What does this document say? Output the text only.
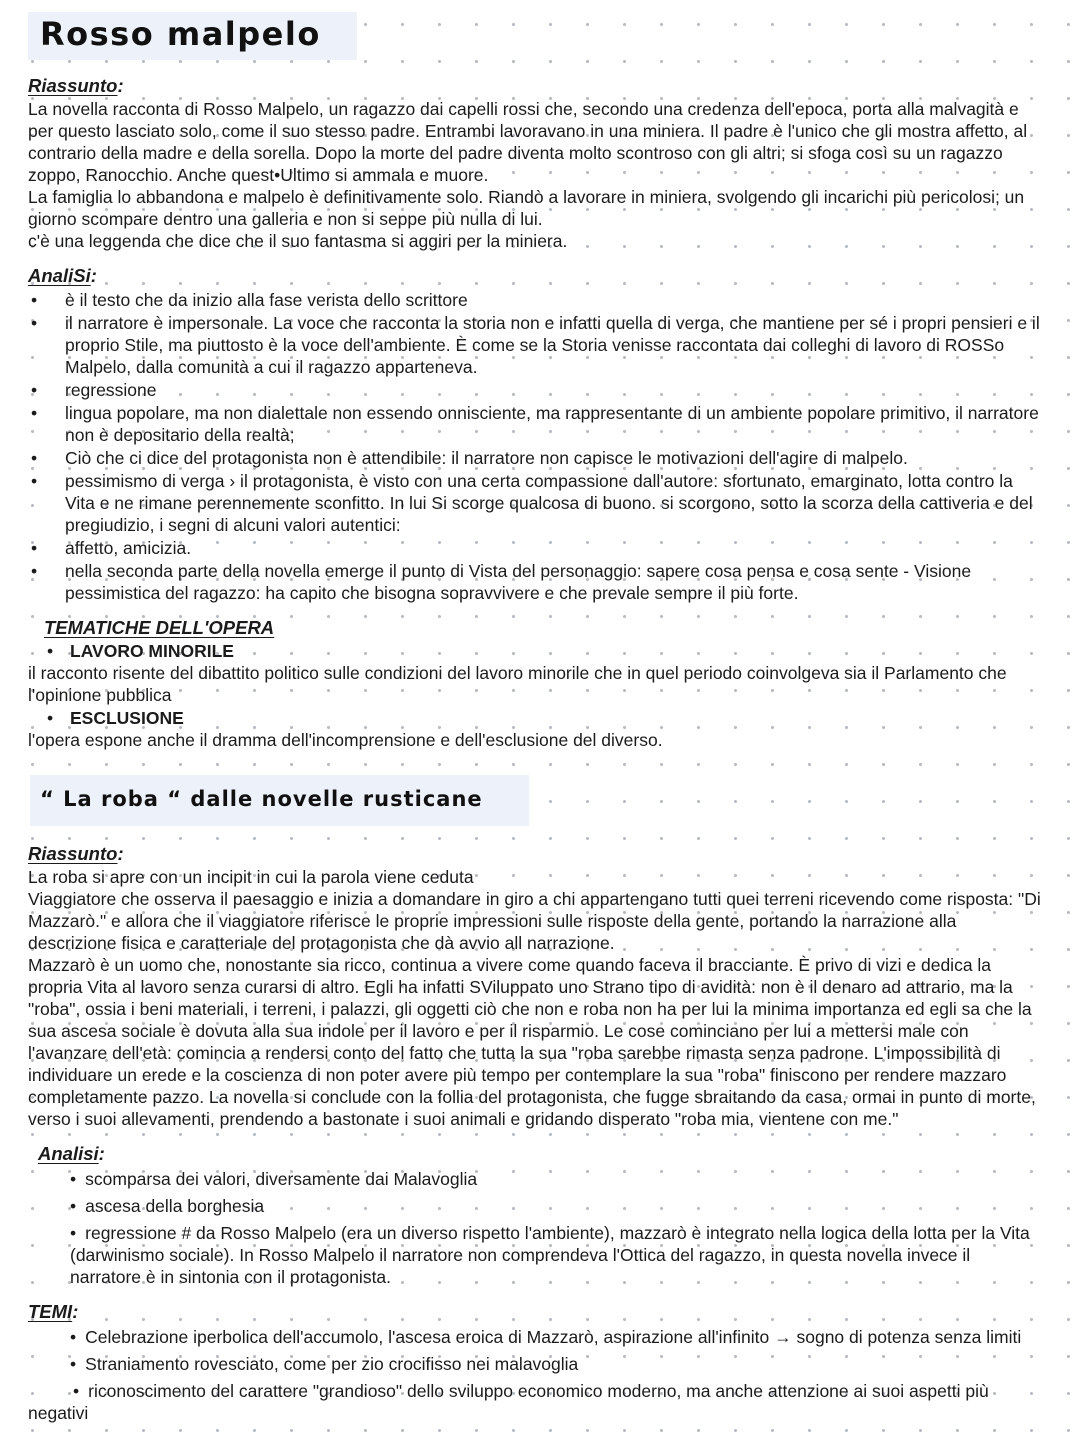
Rosso malpelo
Riassunto:

La novella racconta di Rosso Malpelo, un ragazzo dai capelli rossi che, secondo una credenza dell'epoca, porta alla malvagità e per questo lasciato solo, come il suo stesso padre. Entrambi lavoravano in una miniera. Il padre è l'unico che gli mostra affetto, al contrario della madre e della sorella. Dopo la morte del padre diventa molto scontroso con gli altri; si sfoga così su un ragazzo zoppo, Ranocchio. Anche quest•Ultimo si ammala e muore.

La famiglia lo abbandona e malpelo è definitivamente solo. Riandò a lavorare in miniera, svolgendo gli incarichi più pericolosi; un giorno scompare dentro una galleria e non si seppe più nulla di lui.

c'è una leggenda che dice che il suo fantasma si aggiri per la miniera.

AnaliSi:
• è il testo che da inizio alla fase verista dello scrittore
• il narratore è impersonale. La voce che racconta la storia non e infatti quella di verga, che mantiene per sé i propri pensieri e il proprio Stile, ma piuttosto è la voce dell'ambiente. È come se la Storia venisse raccontata dai colleghi di lavoro di ROSSo Malpelo, dalla comunità a cui il ragazzo apparteneva.
• regressione
• lingua popolare, ma non dialettale non essendo onnisciente, ma rappresentante di un ambiente popolare primitivo, il narratore non è depositario della realtà;
• Ciò che ci dice del protagonista non è attendibile: il narratore non capisce le motivazioni dell'agire di malpelo.
• pessimismo di verga › il protagonista, è visto con una certa compassione dall'autore: sfortunato, emarginato, lotta contro la Vita e ne rimane perennemente sconfitto. In lui Si scorge qualcosa di buono. si scorgono, sotto la scorza della cattiveria e del pregiudizio, i segni di alcuni valori autentici:
• affetto, amicizia.
• nella seconda parte della novella emerge il punto di Vista del personaggio: sapere cosa pensa e cosa sente - Visione pessimistica del ragazzo: ha capito che bisogna sopravvivere e che prevale sempre il più forte.
TEMATICHE DELL'OPERA
• LAVORO MINORILE

il racconto risente del dibattito politico sulle condizioni del lavoro minorile che in quel periodo coinvolgeva sia il Parlamento che l'opinione pubblica

• ESCLUSIONE

l'opera espone anche il dramma dell'incomprensione e dell'esclusione del diverso.

“ La roba “ dalle novelle rusticane
Riassunto:

La roba si apre con un incipit in cui la parola viene ceduta

Viaggiatore che osserva il paesaggio e inizia a domandare in giro a chi appartengano tutti quei terreni ricevendo come risposta: "Di Mazzarò." e allora che il viaggiatore riferisce le proprie impressioni sulle risposte della gente, portando la narrazione alla descrizione fisica e caratteriale del protagonista che dà avvio all narrazione.

Mazzarò è un uomo che, nonostante sia ricco, continua a vivere come quando faceva il bracciante. È privo di vizi e dedica la propria Vita al lavoro senza curarsi di altro. Egli ha infatti SViluppato uno Strano tipo di avidità: non è il denaro ad attrario, ma la "roba", ossia i beni materiali, i terreni, i palazzi, gli oggetti ciò che non e roba non ha per lui la minima importanza ed egli sa che la sua ascesa sociale è dovuta alla sua indole per il lavoro e per il risparmio. Le cose cominciano per lui a mettersi male con l'avanzare dell'età: comincia a rendersi conto del fatto che tutta la sua "roba sarebbe rimasta senza padrone. L'impossibilità di individuare un erede e la coscienza di non poter avere più tempo per contemplare la sua "roba" finiscono per rendere mazzaro completamente pazzo. La novella si conclude con la follia del protagonista, che fugge sbraitando da casa, ormai in punto di morte, verso i suoi allevamenti, prendendo a bastonate i suoi animali e gridando disperato "roba mia, vientene con me."

Analisi:
• scomparsa dei valori, diversamente dai Malavoglia
• ascesa della borghesia
• regressione # da Rosso Malpelo (era un diverso rispetto l'ambiente), mazzarò è integrato nella logica della lotta per la Vita (darwinismo sociale). In Rosso Malpelo il narratore non comprendeva l'Ottica del ragazzo, in questa novella invece il narratore è in sintonia con il protagonista.
TEMI:
• Celebrazione iperbolica dell'accumolo, l'ascesa eroica di Mazzarò, aspirazione all'infinito → sogno di potenza senza limiti
• Straniamento rovesciato, come per zio crocifisso nei malavoglia
• riconoscimento del carattere "grandioso" dello sviluppo economico moderno, ma anche attenzione ai suoi aspetti più negativi
